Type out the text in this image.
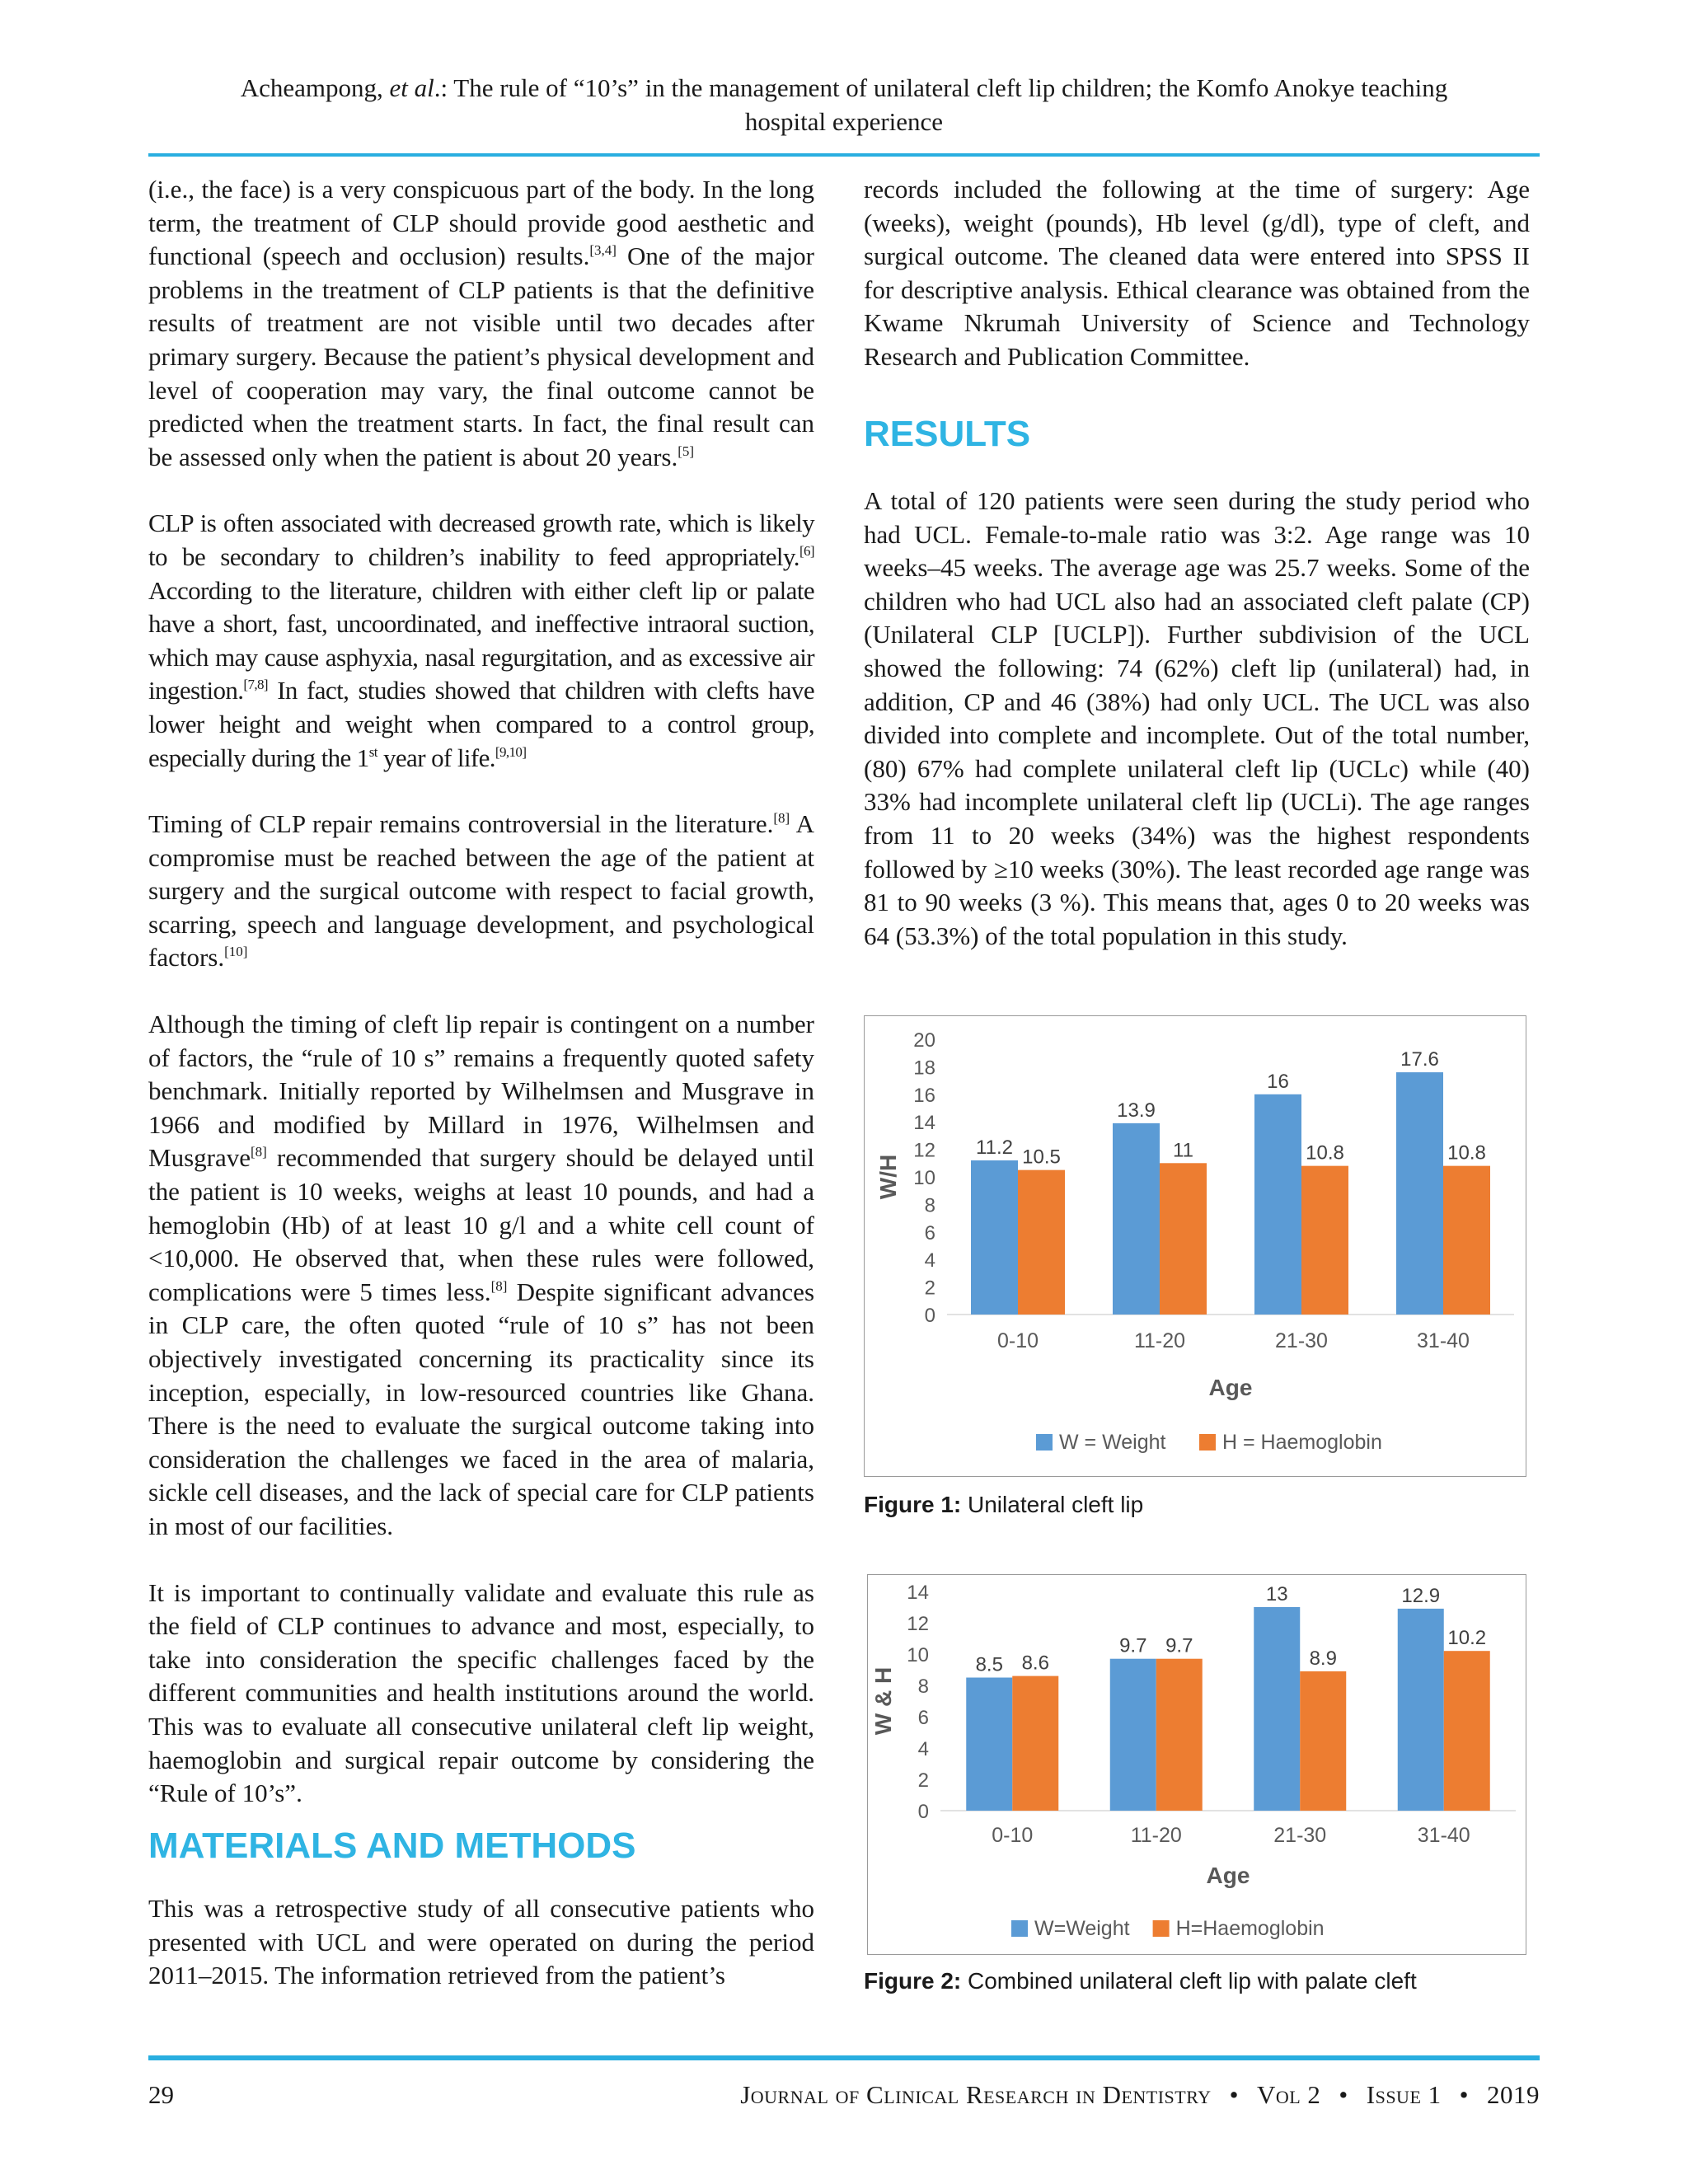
Acheampong, et al.: The rule of “10’s” in the management of unilateral cleft lip children; the Komfo Anokye teaching
hospital experience

(i.e., the face) is a very conspicuous part of the body. In the long term, the treatment of CLP should provide good aesthetic and functional (speech and occlusion) results.[3,4] One of the major problems in the treatment of CLP patients is that the definitive results of treatment are not visible until two decades after primary surgery. Because the patient’s physical development and level of cooperation may vary, the final outcome cannot be predicted when the treatment starts. In fact, the final result can be assessed only when the patient is about 20 years.[5]

CLP is often associated with decreased growth rate, which is likely to be secondary to children’s inability to feed appropriately.[6] According to the literature, children with either cleft lip or palate have a short, fast, uncoordinated, and ineffective intraoral suction, which may cause asphyxia, nasal regurgitation, and as excessive air ingestion.[7,8] In fact, studies showed that children with clefts have lower height and weight when compared to a control group, especially during the 1st year of life.[9,10]

Timing of CLP repair remains controversial in the literature.[8] A compromise must be reached between the age of the patient at surgery and the surgical outcome with respect to facial growth, scarring, speech and language development, and psychological factors.[10]

Although the timing of cleft lip repair is contingent on a number of factors, the “rule of 10 s” remains a frequently quoted safety benchmark. Initially reported by Wilhelmsen and Musgrave in 1966 and modified by Millard in 1976, Wilhelmsen and Musgrave[8] recommended that surgery should be delayed until the patient is 10 weeks, weighs at least 10 pounds, and had a hemoglobin (Hb) of at least 10 g/l and a white cell count of <10,000. He observed that, when these rules were followed, complications were 5 times less.[8] Despite significant advances in CLP care, the often quoted “rule of 10 s” has not been objectively investigated concerning its practicality since its inception, especially, in low-resourced countries like Ghana. There is the need to evaluate the surgical outcome taking into consideration the challenges we faced in the area of malaria, sickle cell diseases, and the lack of special care for CLP patients in most of our facilities.

It is important to continually validate and evaluate this rule as the field of CLP continues to advance and most, especially, to take into consideration the specific challenges faced by the different communities and health institutions around the world. This was to evaluate all consecutive unilateral cleft lip weight, haemoglobin and surgical repair outcome by considering the “Rule of 10’s”.

MATERIALS AND METHODS

This was a retrospective study of all consecutive patients who presented with UCL and were operated on during the period 2011–2015. The information retrieved from the patient’s

records included the following at the time of surgery: Age (weeks), weight (pounds), Hb level (g/dl), type of cleft, and surgical outcome. The cleaned data were entered into SPSS II for descriptive analysis. Ethical clearance was obtained from the Kwame Nkrumah University of Science and Technology Research and Publication Committee.

RESULTS

A total of 120 patients were seen during the study period who had UCL. Female-to-male ratio was 3:2. Age range was 10 weeks–45 weeks. The average age was 25.7 weeks. Some of the children who had UCL also had an associated cleft palate (CP) (Unilateral CLP [UCLP]). Further subdivision of the UCL showed the following: 74 (62%) cleft lip (unilateral) had, in addition, CP and 46 (38%) had only UCL. The UCL was also divided into complete and incomplete. Out of the total number, (80) 67% had complete unilateral cleft lip (UCLc) while (40) 33% had incomplete unilateral cleft lip (UCLi). The age ranges from 11 to 20 weeks (34%) was the highest respondents followed by ≥10 weeks (30%). The least recorded age range was 81 to 90 weeks (3 %). This means that, ages 0 to 20 weeks was 64 (53.3%) of the total population in this study.

0
2
4
6
8
10
12
14
16
18
20
11.2 10.5
0-10
13.9
11
11-20
16
10.8
21-30
17.6
10.8
31-40
Age
W/H
W = Weight	H = Haemoglobin
Figure 1: Unilateral cleft lip
0
2
4
6
8
10
12
14
8.5 8.6
0-10
9.7 9.7
11-20
13
8.9
21-30
12.9
10.2
31-40
Age
W & H
W=Weight H=Haemoglobin
Figure 2: Combined unilateral cleft lip with palate cleft
29	Journal of Clinical Research in Dentistry • Vol 2 • Issue 1 • 2019
